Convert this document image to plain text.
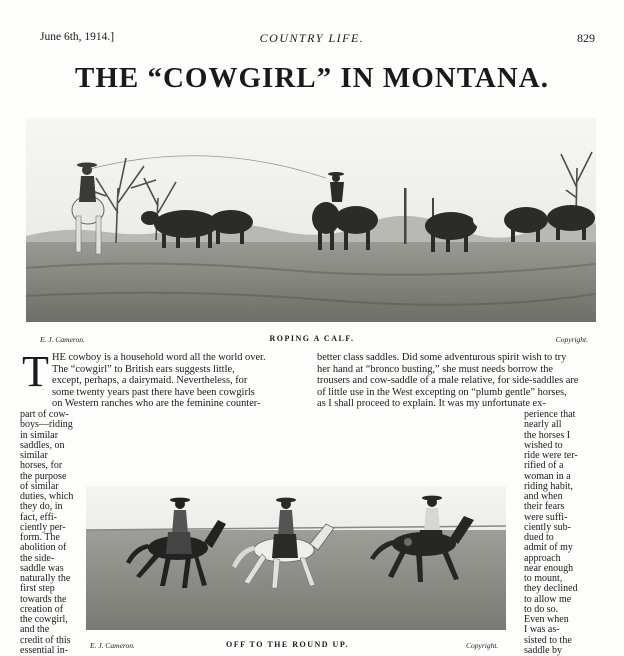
June 6th, 1914.]	COUNTRY LIFE.	829
THE “COWGIRL” IN MONTANA.
E. J. Cameron.	ROPING A CALF.	Copyright.
T HE cowboy is a household word all the world over.
The “cowgirl” to British ears suggests little,
except, perhaps, a dairymaid. Nevertheless, for
some twenty years past there have been cowgirls
on Western ranches who are the feminine counter-
better class saddles. Did some adventurous spirit wish to try
her hand at “bronco busting,” she must needs borrow the
trousers and cow-saddle of a male relative, for side-saddles are
of little use in the West excepting on “plumb gentle” horses,
as I shall proceed to explain. It was my unfortunate ex-
part of cow-
boys—riding
in similar
saddles, on
similar
horses, for
the purpose
of similar
duties, which
they do, in
fact, effi-
ciently per-
form. The
abolition of
the side-
saddle was
naturally the
first step
towards the
creation of
the cowgirl,
and the
credit of this
essential in-
perience that
nearly all
the horses I
wished to
ride were ter-
rified of a
woman in a
riding habit,
and when
their fears
were suffi-
ciently sub-
dued to
admit of my
approach
near enough
to mount,
they declined
to allow me
to do so.
Even when
I was as-
sisted to the
saddle by
E. J. Cameron.	OFF TO THE ROUND UP.	Copyright.
